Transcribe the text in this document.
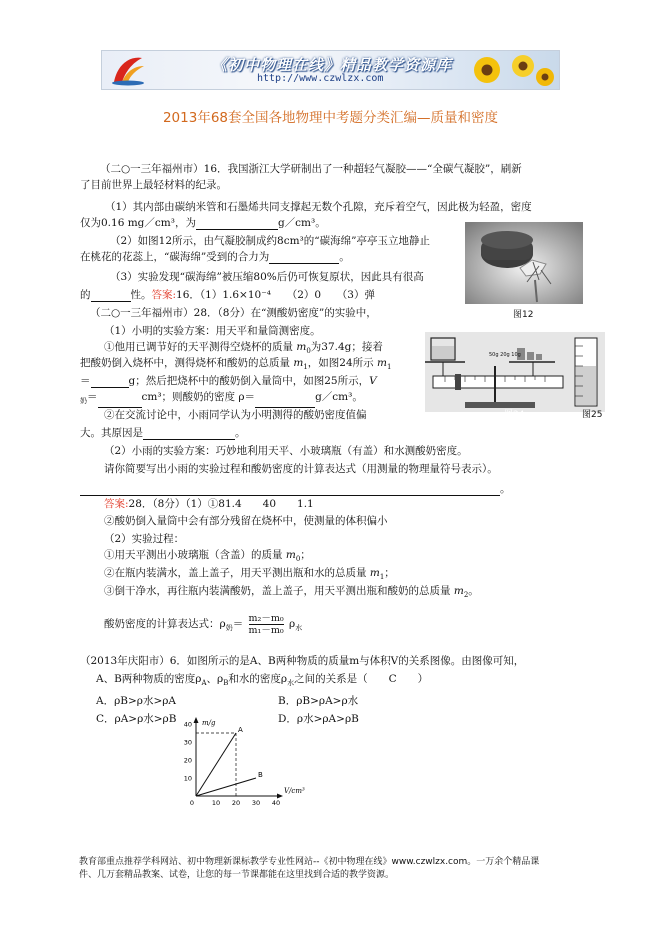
《初中物理在线》精品教学资源库
http://www.czwlzx.com
2013年68套全国各地物理中考题分类汇编—质量和密度
（二○一三年福州市）16．我国浙江大学研制出了一种超轻气凝胶——“全碳气凝胶”，刷新
了目前世界上最轻材料的纪录。
（1）其内部由碳纳米管和石墨烯共同支撑起无数个孔隙，充斥着空气，因此极为轻盈，密度
仅为0.16 mg／cm³，为	g／cm³。
（2）如图12所示，由气凝胶制成约8cm³的“碳海绵”亭亭玉立地静止
在桃花的花蕊上，“碳海绵”受到的合力为	。
（3）实验发现“碳海绵”被压缩80%后仍可恢复原状，因此具有很高
的	性。答案:16．（1）1.6×10⁻⁴　　（2）0　　（3）弹
图12
（二○一三年福州市）28．（8分）在“测酸奶密度”的实验中，
（1）小明的实验方案：用天平和量筒测密度。
①他用已调节好的天平测得空烧杯的质量 $m_0$为37.4g；接着
把酸奶倒入烧杯中，测得烧杯和酸奶的总质量 $m_1$，如图24所示 $m_1$
＝	g；然后把烧杯中的酸奶倒入量筒中，如图25所示，V
$_奶$＝	cm³；则酸奶的密度 ρ＝	g／cm³。
②在交流讨论中，小雨同学认为小明测得的酸奶密度值偏
大。其原因是	。
（2）小雨的实验方案：巧妙地利用天平、小玻璃瓶（有盖）和水测酸奶密度。
请你简要写出小雨的实验过程和酸奶密度的计算表达式（用测量的物理量符号表示）。
。
50g 20g 10g
图24	图25
答案:28．（8分）（1）①81.4　　40　　1.1
②酸奶倒入量筒中会有部分残留在烧杯中，使测量的体积偏小
（2）实验过程：
①用天平测出小玻璃瓶（含盖）的质量 $m_0$；
②在瓶内装满水，盖上盖子，用天平测出瓶和水的总质量 $m_1$；
③倒干净水，再往瓶内装满酸奶，盖上盖子，用天平测出瓶和酸奶的总质量 $m_2$。
酸奶密度的计算表达式：$\rho_奶= \frac{\text{m₂－m₀}}{\text{m₁－m₀}} \rho_水$
（2013年庆阳市）6．如图所示的是A、B两种物质的质量m与体积V的关系图像。由图像可知，
A、B两种物质的密度$\rho_A$、$\rho_B$和水的密度$\rho_水$之间的关系是（　　C　　）
A．ρB>ρ水>ρA	B．ρB>ρA>ρ水
C．ρA>ρ水>ρB	D．ρ水>ρA>ρB
m/g
V/cm³
40
30
20
10
0	10 20 30 40
A
B
教育部重点推荐学科网站、初中物理新课标教学专业性网站--《初中物理在线》www.czwlzx.com。一万余个精品课
件、几万套精品教案、试卷，让您的每一节课都能在这里找到合适的教学资源。
